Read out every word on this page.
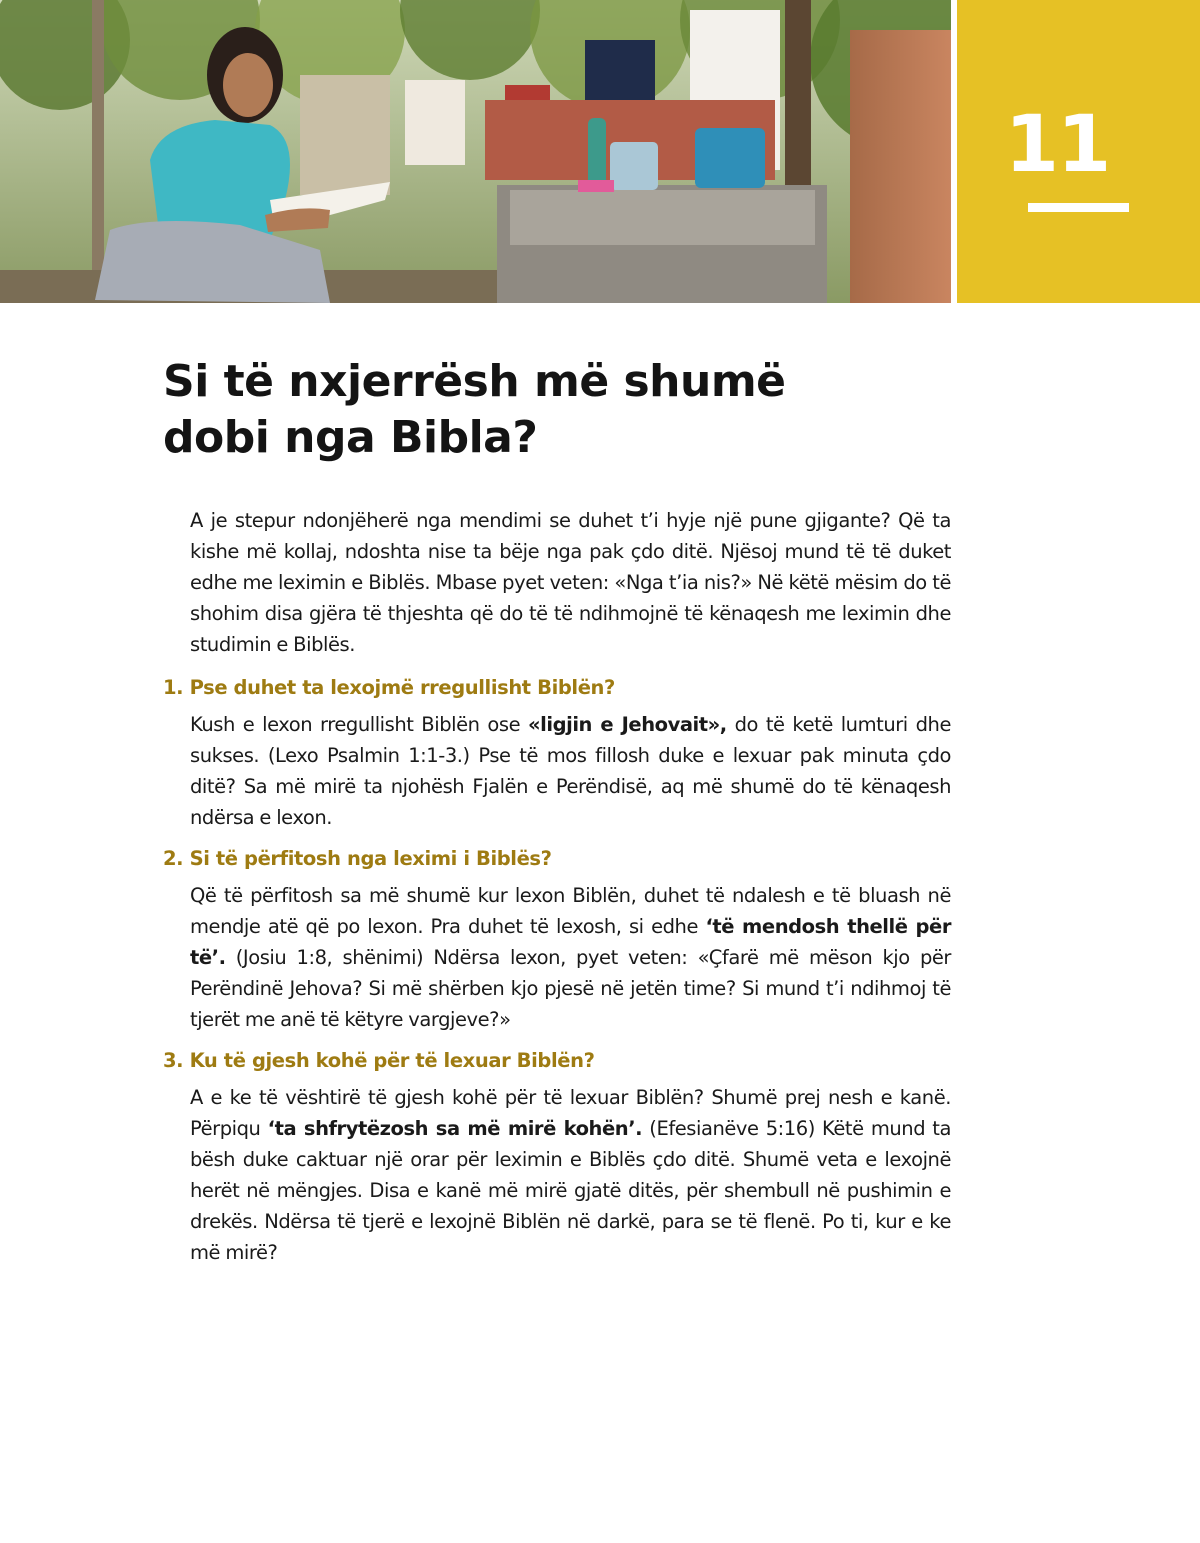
11
Si të nxjerrësh më shumë
dobi nga Bibla?

A je stepur ndonjëherë nga mendimi se duhet t’i hyje një pune gjigante? Që ta kishe më kollaj, ndoshta nise ta bëje nga pak çdo ditë. Njësoj mund të të duket edhe me leximin e Biblës. Mbase pyet veten: «Nga t’ia nis?» Në këtë mësim do të shohim disa gjëra të thjeshta që do të të ndihmojnë të kënaqesh me leximin dhe studimin e Biblës.

1. Pse duhet ta lexojmë rregullisht Biblën?

Kush e lexon rregullisht Biblën ose «ligjin e Jehovait», do të ketë lumturi dhe sukses. (Lexo Psalmin 1:1-3.) Pse të mos fillosh duke e lexuar pak minuta çdo ditë? Sa më mirë ta njohësh Fjalën e Perëndisë, aq më shumë do të kënaqesh ndërsa e lexon.

2. Si të përfitosh nga leximi i Biblës?

Që të përfitosh sa më shumë kur lexon Biblën, duhet të ndalesh e të bluash në mendje atë që po lexon. Pra duhet të lexosh, si edhe ‘të mendosh thellë për të’. (Josiu 1:8, shënimi) Ndërsa lexon, pyet veten: «Çfarë më mëson kjo për Perëndinë Jehova? Si më shërben kjo pjesë në jetën time? Si mund t’i ndihmoj të tjerët me anë të këtyre vargjeve?»

3. Ku të gjesh kohë për të lexuar Biblën?

A e ke të vështirë të gjesh kohë për të lexuar Biblën? Shumë prej nesh e kanë. Përpiqu ‘ta shfrytëzosh sa më mirë kohën’. (Efesianëve 5:16) Këtë mund ta bësh duke caktuar një orar për leximin e Biblës çdo ditë. Shumë veta e lexojnë herët në mëngjes. Disa e kanë më mirë gjatë ditës, për shembull në pushimin e drekës. Ndërsa të tjerë e lexojnë Biblën në darkë, para se të flenë. Po ti, kur e ke më mirë?
